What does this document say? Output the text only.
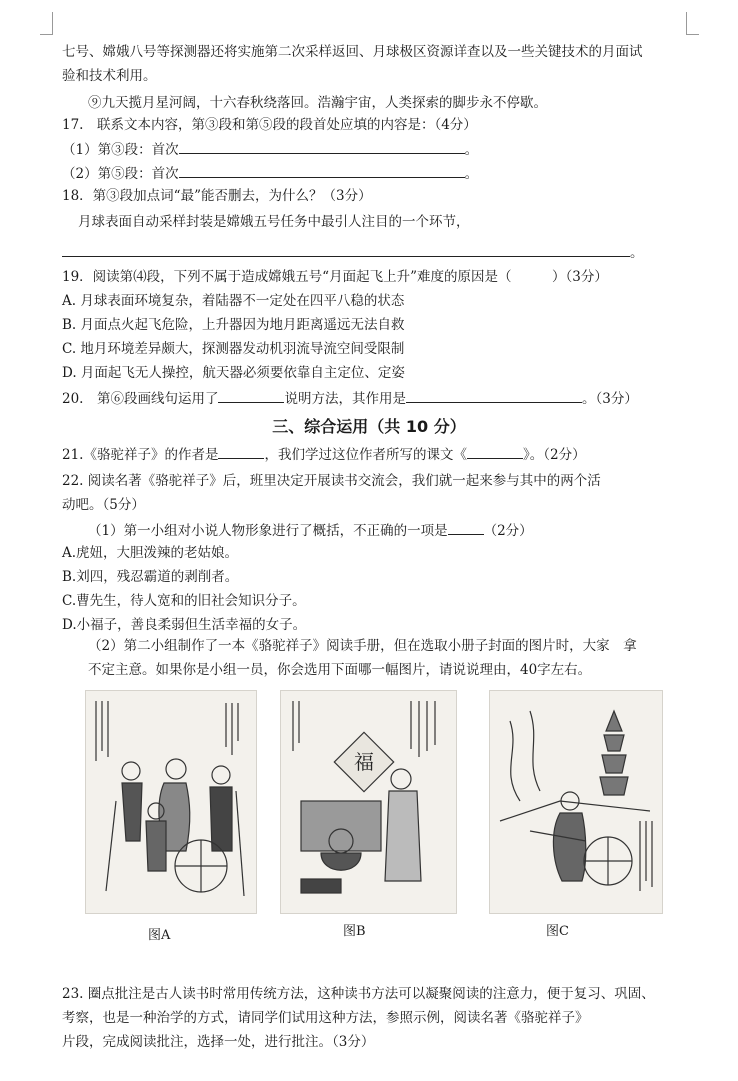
七号、嫦娥八号等探测器还将实施第二次采样返回、月球极区资源详查以及一些关键技术的月面试
验和技术利用。
⑨九天揽月星河阔，十六春秋绕落回。浩瀚宇宙，人类探索的脚步永不停歇。
17.　联系文本内容，第③段和第⑤段的段首处应填的内容是：（4分）
（1）第③段：首次	。
（2）第⑤段：首次	。
18．第③段加点词“最”能否删去，为什么？（3分）
月球表面自动采样封装是嫦娥五号任务中最引人注目的一个环节，
。
19．阅读第⑷段，下列不属于造成嫦娥五号“月面起飞上升”难度的原因是（　　　）（3分）
A. 月球表面环境复杂，着陆器不一定处在四平八稳的状态
B. 月面点火起飞危险，上升器因为地月距离遥远无法自救
C. 地月环境差异颇大，探测器发动机羽流导流空间受限制
D. 月面起飞无人操控，航天器必须要依靠自主定位、定姿
20.　第⑥段画线句运用了	说明方法，其作用是	。（3分）
三、综合运用（共 10 分）
21.《骆驼祥子》的作者是	，我们学过这位作者所写的课文《	》。（2分）
22. 阅读名著《骆驼祥子》后，班里决定开展读书交流会，我们就一起来参与其中的两个活
动吧。（5分）
（1）第一小组对小说人物形象进行了概括，不正确的一项是	（2分）
A.虎妞，大胆泼辣的老姑娘。
B.刘四，残忍霸道的剥削者。
C.曹先生，待人宽和的旧社会知识分子。
D.小福子，善良柔弱但生活幸福的女子。
（2）第二小组制作了一本《骆驼祥子》阅读手册，但在选取小册子封面的图片时，大家　拿
不定主意。如果你是小组一员，你会选用下面哪一幅图片，请说说理由，40字左右。
福
图A	图B	图C
23. 圈点批注是古人读书时常用传统方法，这种读书方法可以凝聚阅读的注意力，便于复习、巩固、
考察，也是一种治学的方式，请同学们试用这种方法，参照示例，阅读名著《骆驼祥子》
片段，完成阅读批注，选择一处，进行批注。（3分）
